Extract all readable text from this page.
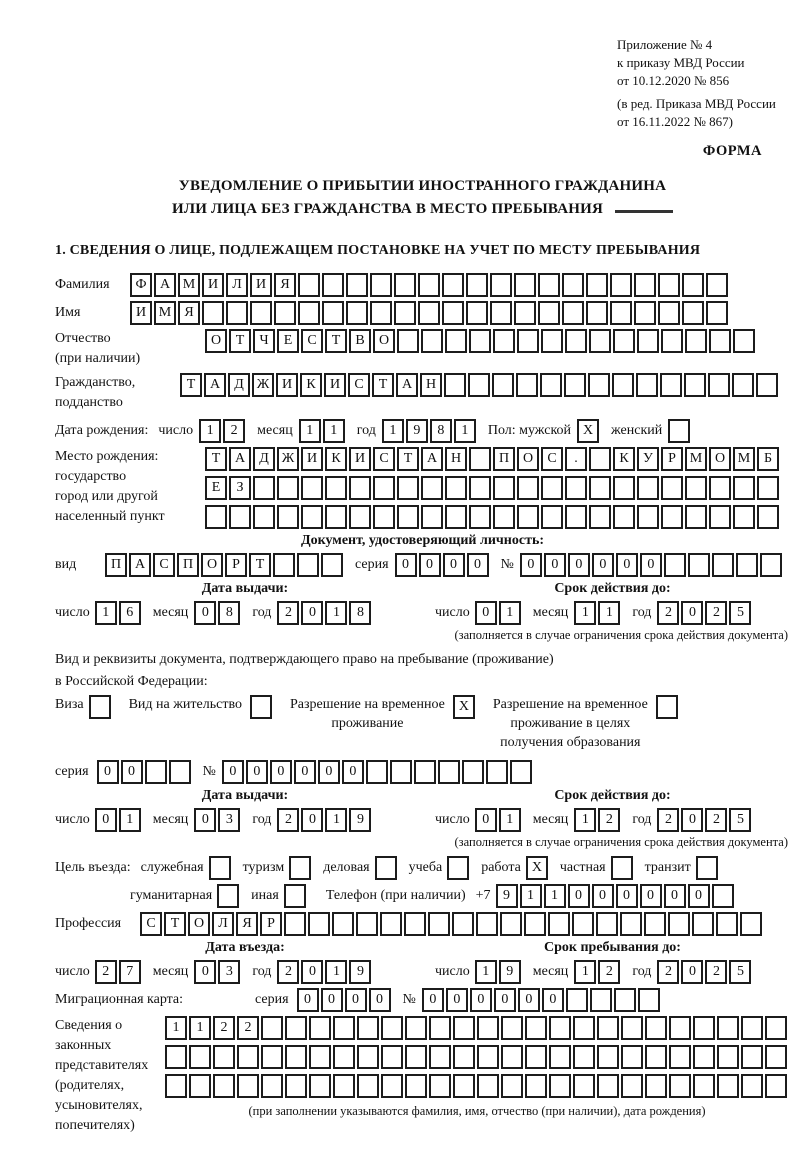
Приложение № 4
к приказу МВД России
от 10.12.2020 № 856
(в ред. Приказа МВД России
от 16.11.2022 № 867)
ФОРМА
УВЕДОМЛЕНИЕ О ПРИБЫТИИ ИНОСТРАННОГО ГРАЖДАНИНА
ИЛИ ЛИЦА БЕЗ ГРАЖДАНСТВА В МЕСТО ПРЕБЫВАНИЯ
1. СВЕДЕНИЯ О ЛИЦЕ, ПОДЛЕЖАЩЕМ ПОСТАНОВКЕ НА УЧЕТ ПО МЕСТУ ПРЕБЫВАНИЯ
Фамилия	Ф А М И	Л	И	Я
Имя	И М Я
Отчество
(при наличии)
О	Т	Ч	Е	С	Т	В	О
Гражданство,
подданство
Т	А	Д Ж И	К	И	С	Т	А Н
Дата рождения: число 1	2	месяц 1	1	год 1	9	8	1	Пол: мужской X	женский
Место рождения:
государство
город или другой
населенный пункт
Т	А	Д Ж И	К	И	С	Т	А Н	П О	С	.	К	У	Р М О М Б
Е	З
Документ, удостоверяющий личность:
вид	П А	С	П О	Р	Т	серия 0	0	0	0	№ 0	0	0	0	0	0
Дата выдачи:	Срок действия до:
число 1	6	месяц 0	8	год 2	0	1	8	число 0	1	месяц 1	1	год 2	0	2	5
(заполняется в случае ограничения срока действия документа)
Вид и реквизиты документа, подтверждающего право на пребывание (проживание)
в Российской Федерации:
Виза	Вид на жительство	Разрешение на временное
проживание
X	Разрешение на временное
проживание в целях
получения образования
серия	0	0	№ 0	0	0	0	0	0
Дата выдачи:	Срок действия до:
число 0	1	месяц 0	3	год 2	0	1	9	число 0	1	месяц 1	2	год 2	0	2	5
(заполняется в случае ограничения срока действия документа)
Цель въезда: служебная	туризм	деловая	учеба	работа X	частная	транзит
гуманитарная	иная	Телефон (при наличии) +7 9	1	1	0	0	0	0	0	0
Профессия	С	Т	О	Л	Я	Р
Дата въезда:	Срок пребывания до:
число 2	7	месяц 0	3	год 2	0	1	9	число 1	9	месяц 1	2	год 2	0	2	5
Миграционная карта:	серия	0	0	0	0	№ 0	0	0	0	0	0
Сведения о
законных
представителях
(родителях,
усыновителях,
попечителях)
1	1	2	2
(при заполнении указываются фамилия, имя, отчество (при наличии), дата рождения)
